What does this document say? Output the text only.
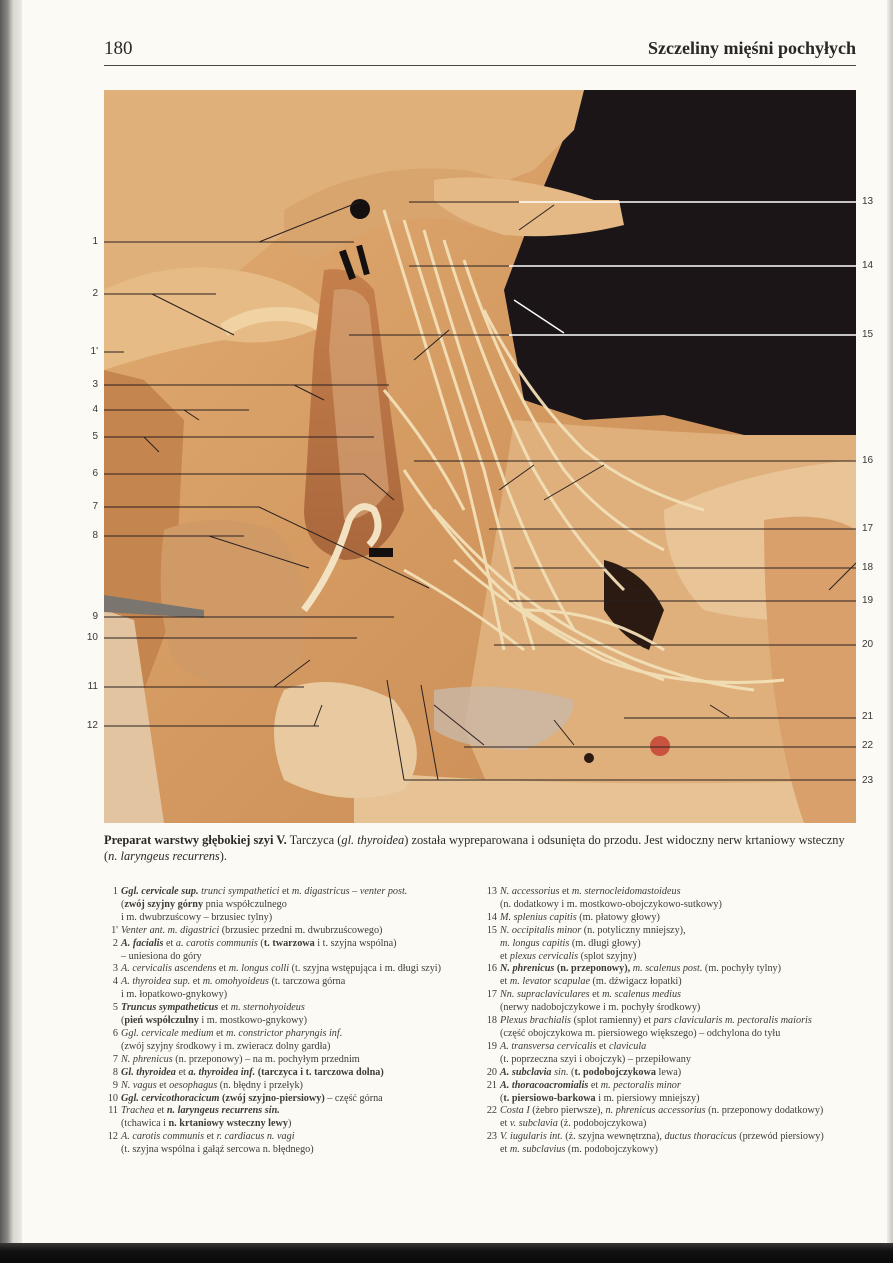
180	Szczeliny mięśni pochyłych
1
2
1'
3
4
5
6
7
8
9
10
11
12
13
14
15
16
17
18
19
20
21
22
23
Preparat warstwy głębokiej szyi V. Tarczyca (gl. thyroidea) została wypreparowana i odsunięta do przodu. Jest widoczny nerw krtaniowy wsteczny (n. laryngeus recurrens).
1 Ggl. cervicale sup. trunci sympathetici et m. digastricus – venter post.
(zwój szyjny górny pnia współczulnego
i m. dwubrzuścowy – brzusiec tylny)
1' Venter ant. m. digastrici (brzusiec przedni m. dwubrzuścowego)
2 A. facialis et a. carotis communis (t. twarzowa i t. szyjna wspólna)
– uniesiona do góry
3 A. cervicalis ascendens et m. longus colli (t. szyjna wstępująca i m. długi szyi)
4 A. thyroidea sup. et m. omohyoideus (t. tarczowa górna
i m. łopatkowo-gnykowy)
5 Truncus sympatheticus et m. sternohyoideus
(pień współczulny i m. mostkowo-gnykowy)
6 Ggl. cervicale medium et m. constrictor pharyngis inf.
(zwój szyjny środkowy i m. zwieracz dolny gardła)
7 N. phrenicus (n. przeponowy) – na m. pochyłym przednim
8 Gl. thyroidea et a. thyroidea inf. (tarczyca i t. tarczowa dolna)
9 N. vagus et oesophagus (n. błędny i przełyk)
10 Ggl. cervicothoracicum (zwój szyjno-piersiowy) – część górna
11 Trachea et n. laryngeus recurrens sin.
(tchawica i n. krtaniowy wsteczny lewy)
12 A. carotis communis et r. cardiacus n. vagi
(t. szyjna wspólna i gałąź sercowa n. błędnego)
13 N. accessorius et m. sternocleidomastoideus
(n. dodatkowy i m. mostkowo-obojczykowo-sutkowy)
14 M. splenius capitis (m. płatowy głowy)
15 N. occipitalis minor (n. potyliczny mniejszy),
m. longus capitis (m. długi głowy)
et plexus cervicalis (splot szyjny)
16 N. phrenicus (n. przeponowy), m. scalenus post. (m. pochyły tylny)
et m. levator scapulae (m. dźwigacz łopatki)
17 Nn. supraclaviculares et m. scalenus medius
(nerwy nadobojczykowe i m. pochyły środkowy)
18 Plexus brachialis (splot ramienny) et pars clavicularis m. pectoralis maioris
(część obojczykowa m. piersiowego większego) – odchylona do tyłu
19 A. transversa cervicalis et clavicula
(t. poprzeczna szyi i obojczyk) – przepiłowany
20 A. subclavia sin. (t. podobojczykowa lewa)
21 A. thoracoacromialis et m. pectoralis minor
(t. piersiowo-barkowa i m. piersiowy mniejszy)
22 Costa I (żebro pierwsze), n. phrenicus accessorius (n. przeponowy dodatkowy)
et v. subclavia (ż. podobojczykowa)
23 V. iugularis int. (ż. szyjna wewnętrzna), ductus thoracicus (przewód piersiowy)
et m. subclavius (m. podobojczykowy)
